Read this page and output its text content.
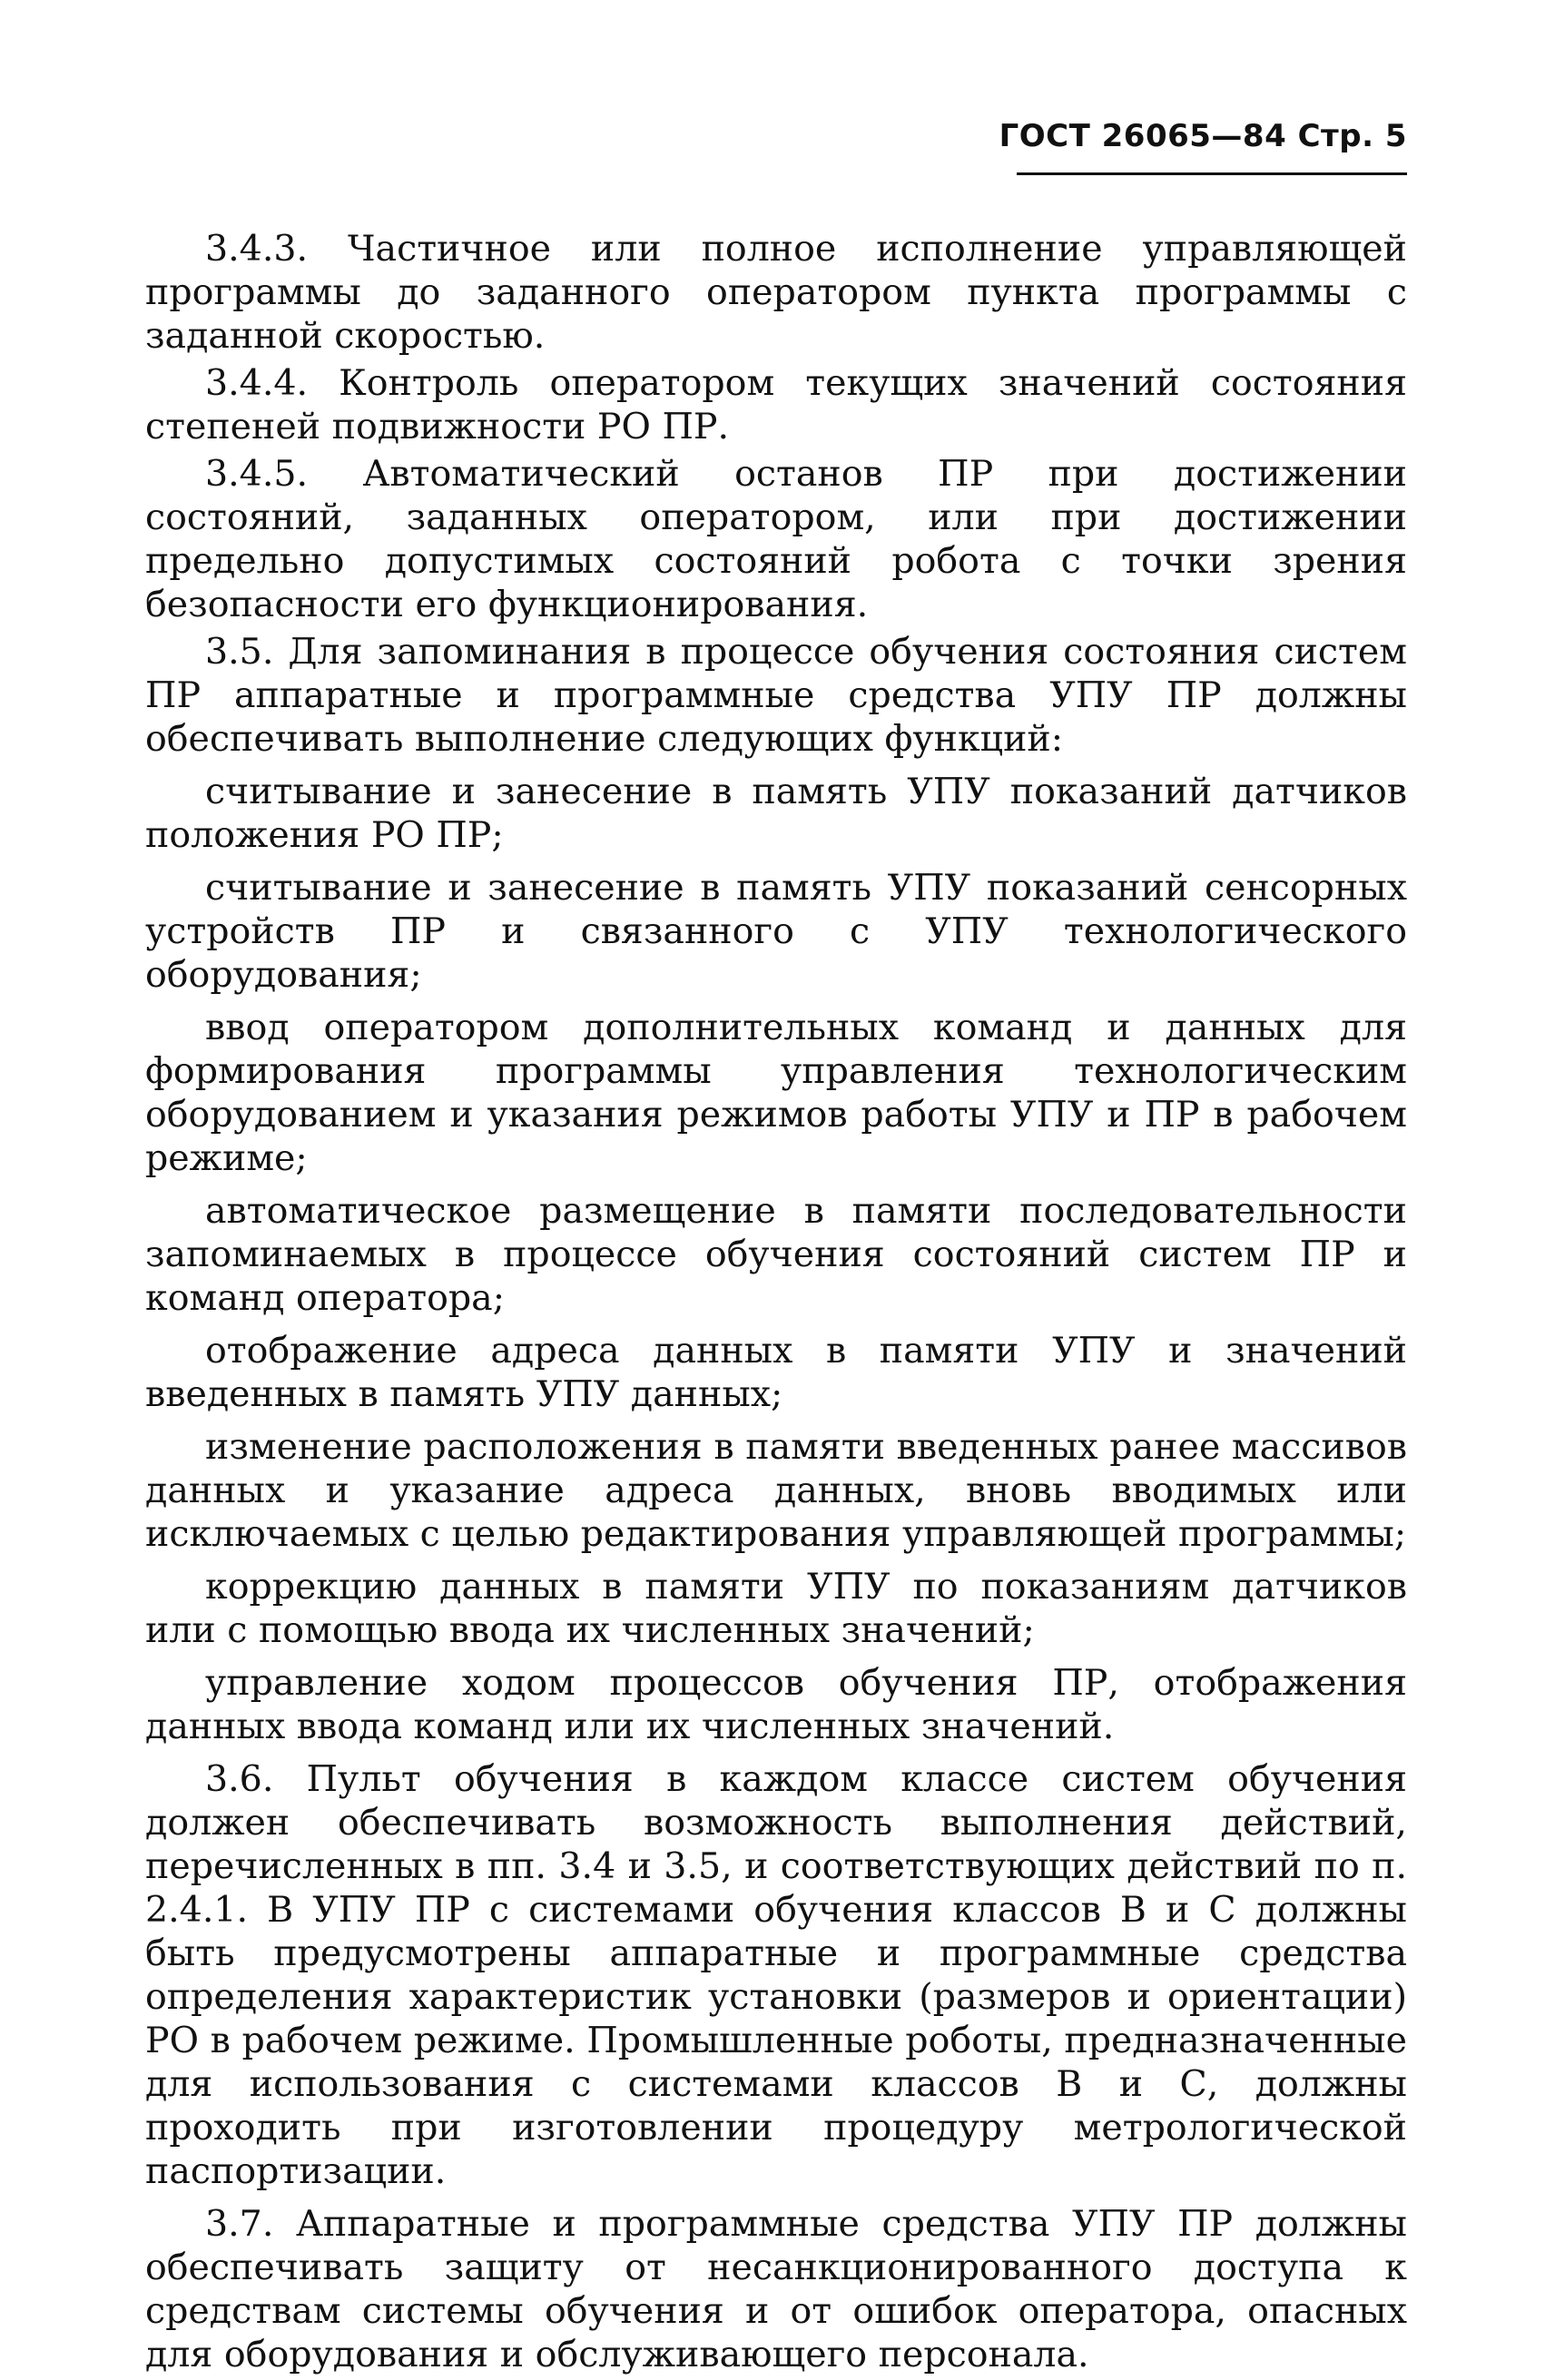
ГОСТ 26065—84 Стр. 5

3.4.3. Частичное или полное исполнение управляющей программы до заданного оператором пункта программы с заданной скоростью.

3.4.4. Контроль оператором текущих значений состояния степеней подвижности РО ПР.

3.4.5. Автоматический останов ПР при достижении состояний, заданных оператором, или при достижении предельно допустимых состояний робота с точки зрения безопасности его функционирования.

3.5. Для запоминания в процессе обучения состояния систем ПР аппаратные и программные средства УПУ ПР должны обеспечивать выполнение следующих функций:

считывание и занесение в память УПУ показаний датчиков положения РО ПР;

считывание и занесение в память УПУ показаний сенсорных устройств ПР и связанного с УПУ технологического оборудования;

ввод оператором дополнительных команд и данных для формирования программы управления технологическим оборудованием и указания режимов работы УПУ и ПР в рабочем режиме;

автоматическое размещение в памяти последовательности запоминаемых в процессе обучения состояний систем ПР и команд оператора;

отображение адреса данных в памяти УПУ и значений введенных в память УПУ данных;

изменение расположения в памяти введенных ранее массивов данных и указание адреса данных, вновь вводимых или исключаемых с целью редактирования управляющей программы;

коррекцию данных в памяти УПУ по показаниям датчиков или с помощью ввода их численных значений;

управление ходом процессов обучения ПР, отображения данных ввода команд или их численных значений.

3.6. Пульт обучения в каждом классе систем обучения должен обеспечивать возможность выполнения действий, перечисленных в пп. 3.4 и 3.5, и соответствующих действий по п. 2.4.1. В УПУ ПР с системами обучения классов В и С должны быть предусмотрены аппаратные и программные средства определения характеристик установки (размеров и ориентации) РО в рабочем режиме. Промышленные роботы, предназначенные для использования с системами классов В и С, должны проходить при изготовлении процедуру метрологической паспортизации.

3.7. Аппаратные и программные средства УПУ ПР должны обеспечивать защиту от несанкционированного доступа к средствам системы обучения и от ошибок оператора, опасных для оборудования и обслуживающего персонала.
